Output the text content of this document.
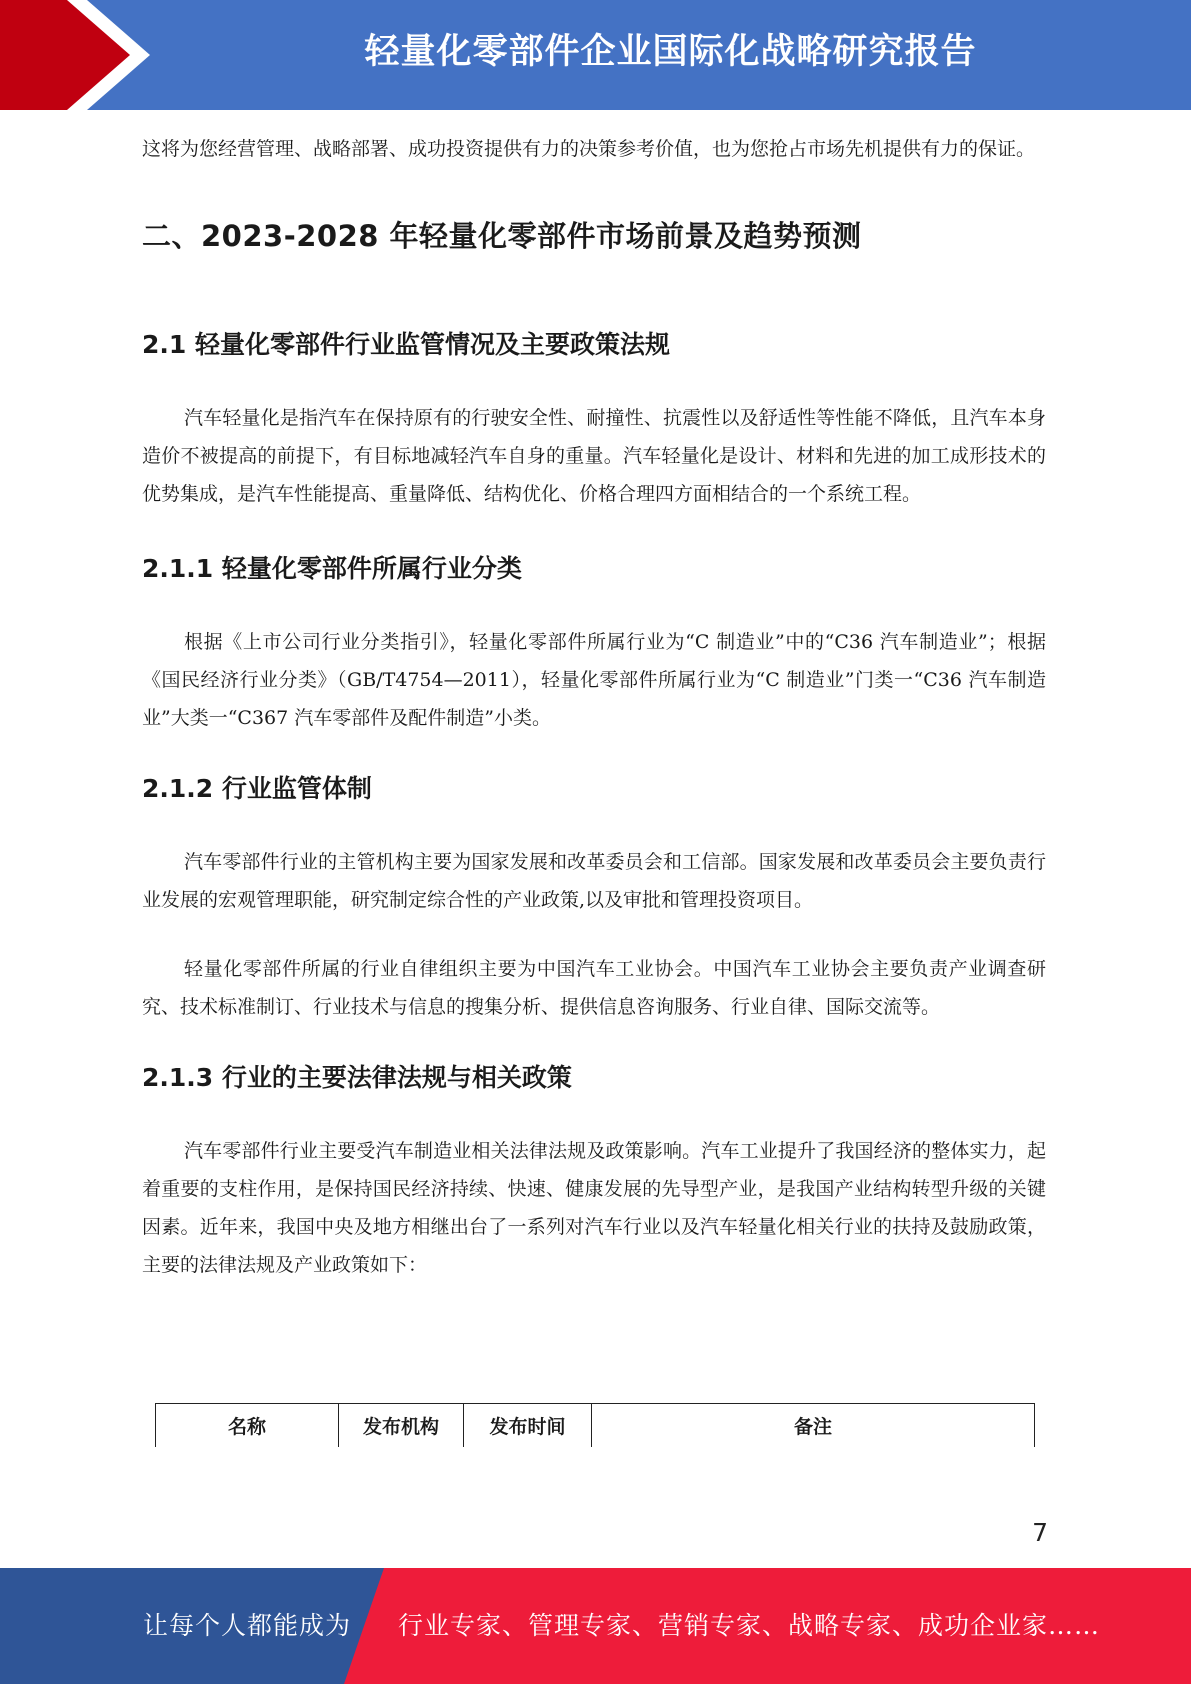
轻量化零部件企业国际化战略研究报告

这将为您经营管理、战略部署、成功投资提供有力的决策参考价值，也为您抢占市场先机提供有力的保证。

二、2023-2028 年轻量化零部件市场前景及趋势预测
2.1 轻量化零部件行业监管情况及主要政策法规

汽车轻量化是指汽车在保持原有的行驶安全性、耐撞性、抗震性以及舒适性等性能不降低，且汽车本身造价不被提高的前提下，有目标地减轻汽车自身的重量。汽车轻量化是设计、材料和先进的加工成形技术的优势集成，是汽车性能提高、重量降低、结构优化、价格合理四方面相结合的一个系统工程。

2.1.1 轻量化零部件所属行业分类

根据《上市公司行业分类指引》，轻量化零部件所属行业为“C 制造业”中的“C36 汽车制造业”；根据《国民经济行业分类》（GB/T4754—2011），轻量化零部件所属行业为“C 制造业”门类一“C36 汽车制造业”大类一“C367 汽车零部件及配件制造”小类。

2.1.2 行业监管体制

汽车零部件行业的主管机构主要为国家发展和改革委员会和工信部。国家发展和改革委员会主要负责行业发展的宏观管理职能，研究制定综合性的产业政策,以及审批和管理投资项目。

轻量化零部件所属的行业自律组织主要为中国汽车工业协会。中国汽车工业协会主要负责产业调查研究、技术标准制订、行业技术与信息的搜集分析、提供信息咨询服务、行业自律、国际交流等。

2.1.3 行业的主要法律法规与相关政策

汽车零部件行业主要受汽车制造业相关法律法规及政策影响。汽车工业提升了我国经济的整体实力，起着重要的支柱作用，是保持国民经济持续、快速、健康发展的先导型产业，是我国产业结构转型升级的关键因素。近年来，我国中央及地方相继出台了一系列对汽车行业以及汽车轻量化相关行业的扶持及鼓励政策，主要的法律法规及产业政策如下：

名称	发布机构	发布时间	备注
7
让每个人都能成为 行业专家、管理专家、营销专家、战略专家、成功企业家……
